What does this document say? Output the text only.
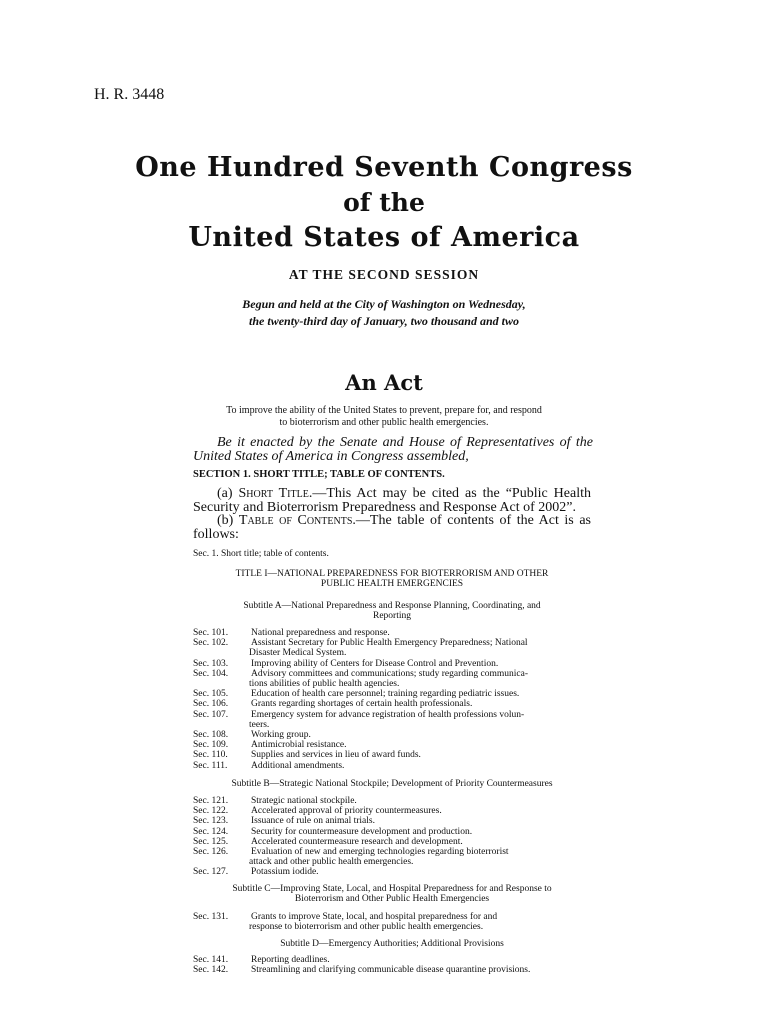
H. R. 3448
One Hundred Seventh Congress
of the
United States of America
AT THE SECOND SESSION
Begun and held at the City of Washington on Wednesday,
the twenty-third day of January, two thousand and two
An Act
To improve the ability of the United States to prevent, prepare for, and respond
to bioterrorism and other public health emergencies.
Be it enacted by the Senate and House of Representatives of the United States of America in Congress assembled,
SECTION 1. SHORT TITLE; TABLE OF CONTENTS.
(a) Short Title.—This Act may be cited as the “Public Health Security and Bioterrorism Preparedness and Response Act of 2002”.
(b) Table of Contents.—The table of contents of the Act is as follows:
Sec. 1. Short title; table of contents.
TITLE I—NATIONAL PREPAREDNESS FOR BIOTERRORISM AND OTHER
PUBLIC HEALTH EMERGENCIES
Subtitle A—National Preparedness and Response Planning, Coordinating, and
Reporting
Sec. 101.	National preparedness and response.
Sec. 102.	Assistant Secretary for Public Health Emergency Preparedness; National
Disaster Medical System.
Sec. 103.	Improving ability of Centers for Disease Control and Prevention.
Sec. 104.	Advisory committees and communications; study regarding communica-
tions abilities of public health agencies.
Sec. 105.	Education of health care personnel; training regarding pediatric issues.
Sec. 106.	Grants regarding shortages of certain health professionals.
Sec. 107.	Emergency system for advance registration of health professions volun-
teers.
Sec. 108.	Working group.
Sec. 109.	Antimicrobial resistance.
Sec. 110.	Supplies and services in lieu of award funds.
Sec. 111.	Additional amendments.
Subtitle B—Strategic National Stockpile; Development of Priority Countermeasures
Sec. 121.	Strategic national stockpile.
Sec. 122.	Accelerated approval of priority countermeasures.
Sec. 123.	Issuance of rule on animal trials.
Sec. 124.	Security for countermeasure development and production.
Sec. 125.	Accelerated countermeasure research and development.
Sec. 126.	Evaluation of new and emerging technologies regarding bioterrorist
attack and other public health emergencies.
Sec. 127.	Potassium iodide.
Subtitle C—Improving State, Local, and Hospital Preparedness for and Response to
Bioterrorism and Other Public Health Emergencies
Sec. 131.	Grants to improve State, local, and hospital preparedness for and
response to bioterrorism and other public health emergencies.
Subtitle D—Emergency Authorities; Additional Provisions
Sec. 141.	Reporting deadlines.
Sec. 142.	Streamlining and clarifying communicable disease quarantine provisions.
